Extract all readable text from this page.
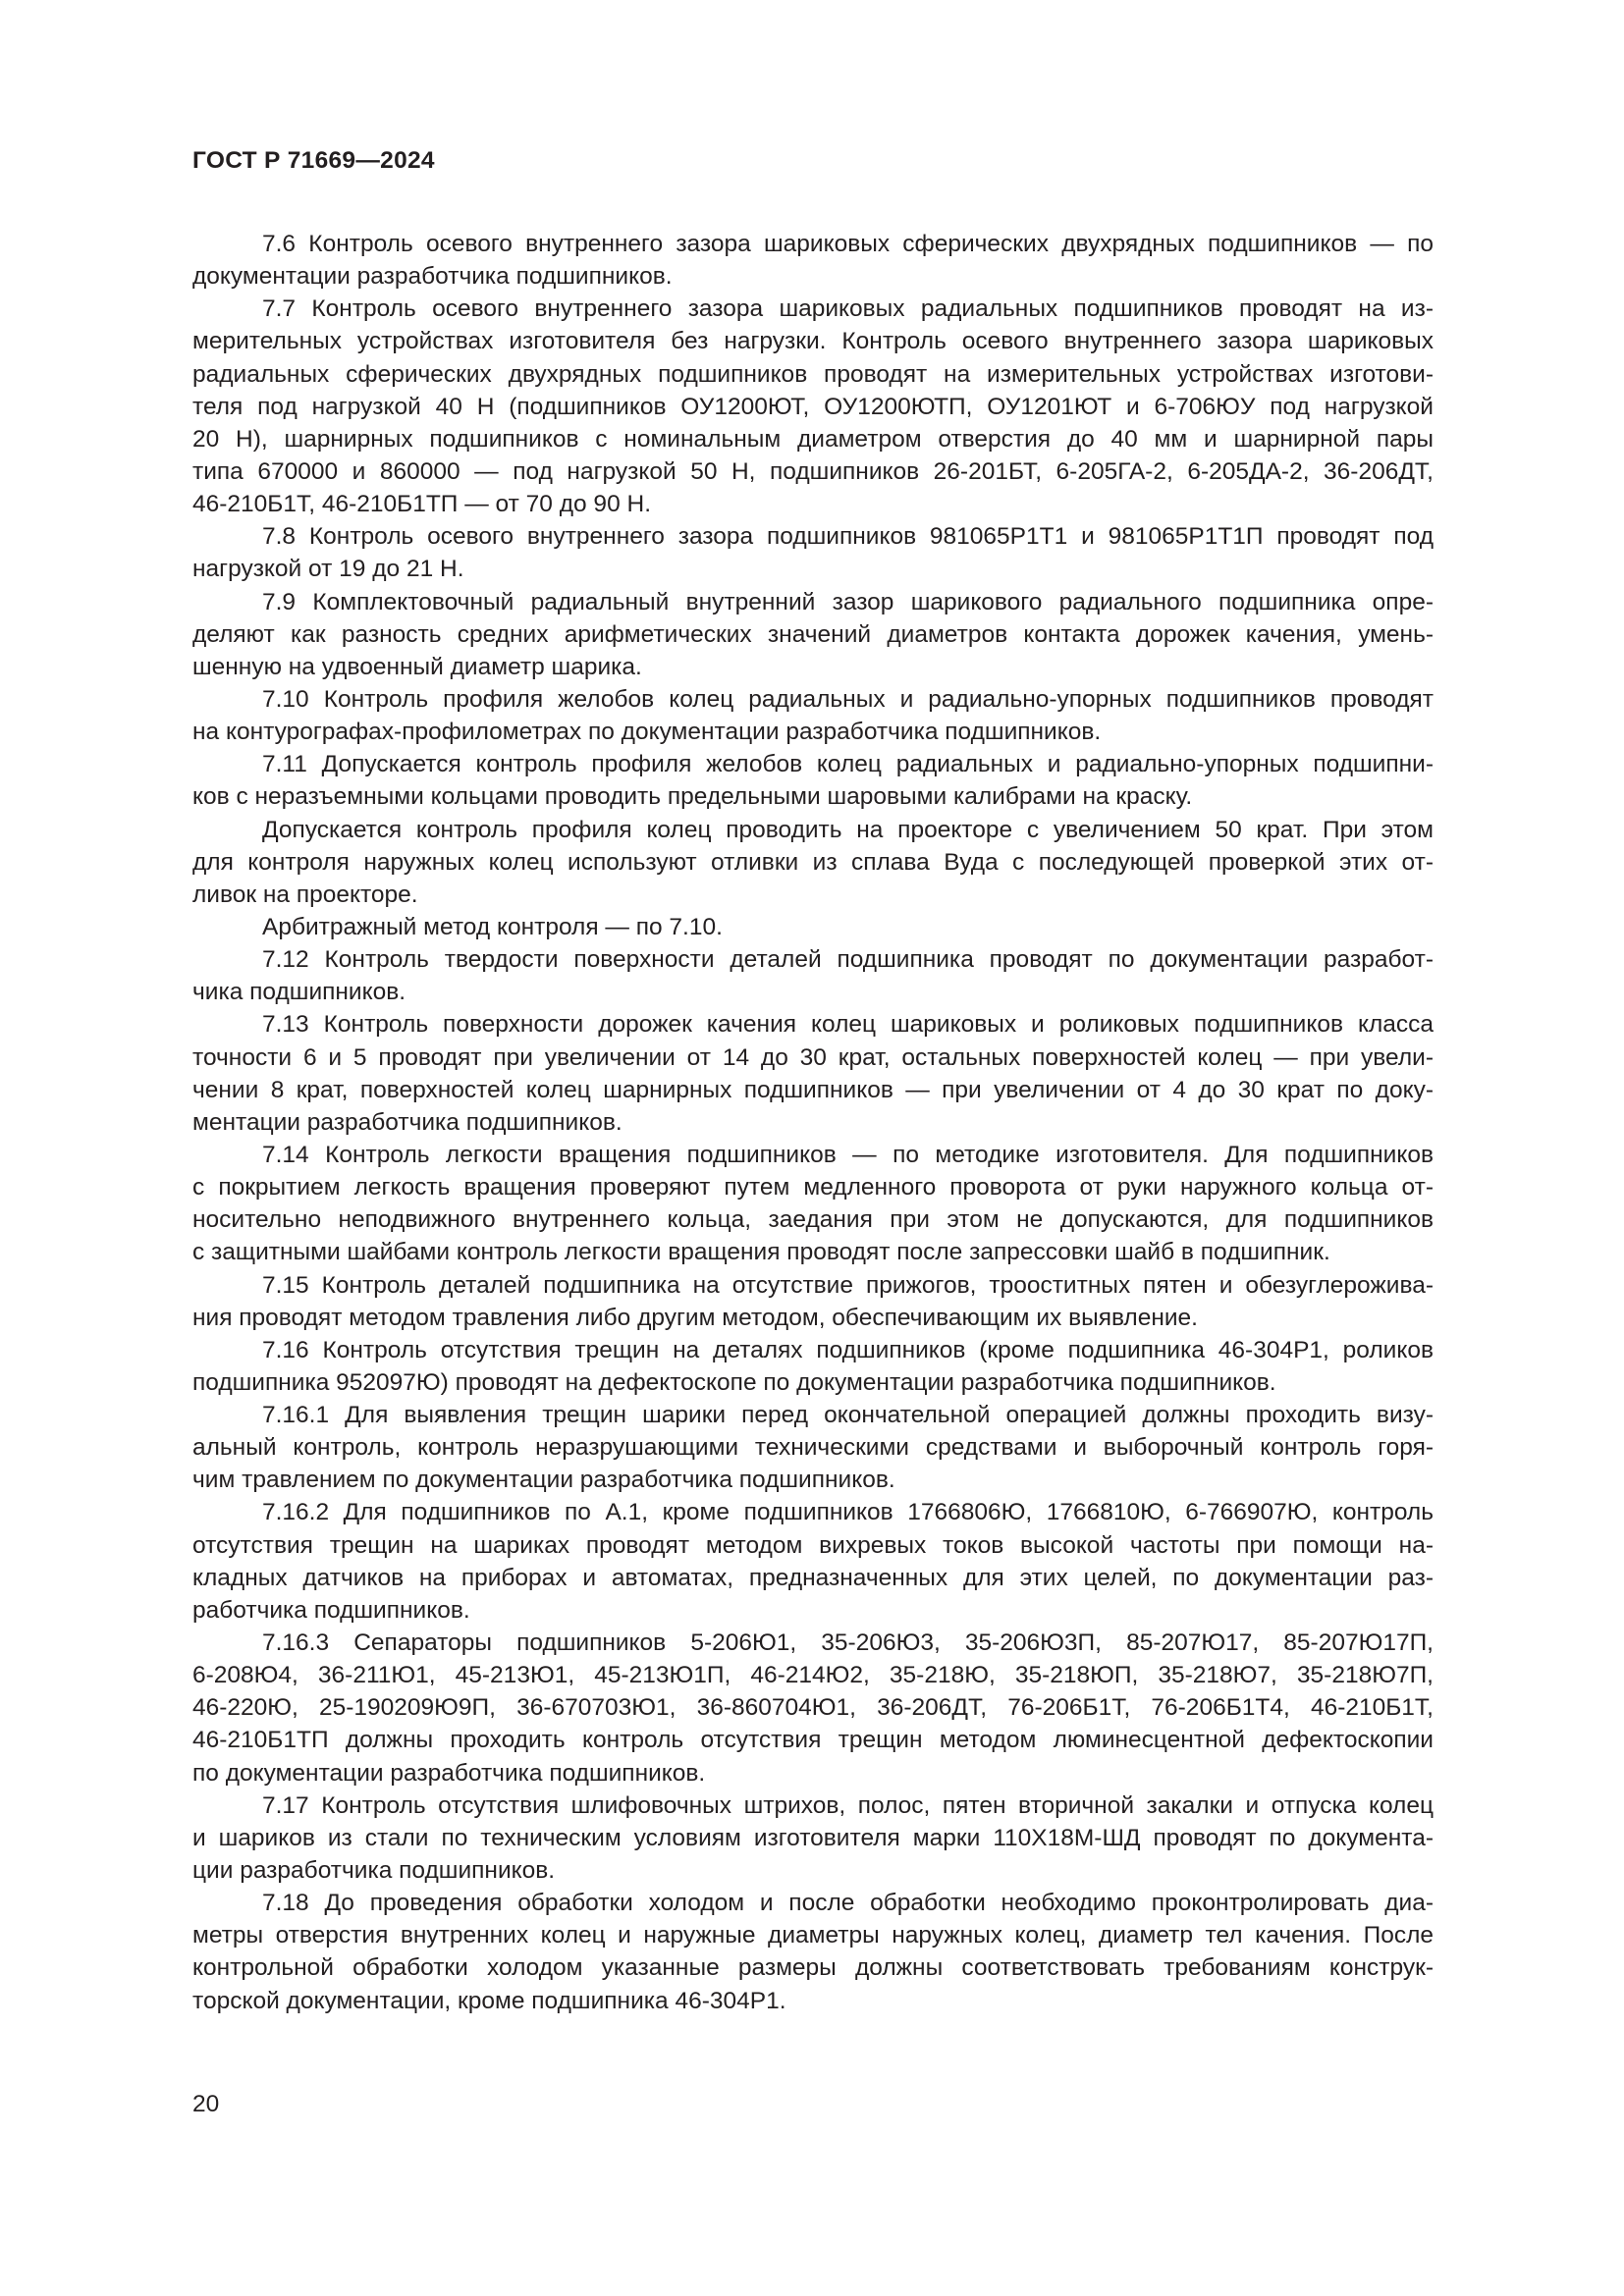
ГОСТ Р 71669—2024
7.6 Контроль осевого внутреннего зазора шариковых сферических двухрядных подшипников — по
документации разработчика подшипников.
7.7 Контроль осевого внутреннего зазора шариковых радиальных подшипников проводят на из-
мерительных устройствах изготовителя без нагрузки. Контроль осевого внутреннего зазора шариковых
радиальных сферических двухрядных подшипников проводят на измерительных устройствах изготови-
теля под нагрузкой 40 Н (подшипников ОУ1200ЮТ, ОУ1200ЮТП, ОУ1201ЮТ и 6-706ЮУ под нагрузкой
20 Н), шарнирных подшипников с номинальным диаметром отверстия до 40 мм и шарнирной пары
типа 670000 и 860000 — под нагрузкой 50 Н, подшипников 26-201БТ, 6-205ГА-2, 6-205ДА-2, 36-206ДТ,
46-210Б1Т, 46-210Б1ТП — от 70 до 90 Н.
7.8 Контроль осевого внутреннего зазора подшипников 981065Р1Т1 и 981065Р1Т1П проводят под
нагрузкой от 19 до 21 Н.
7.9 Комплектовочный радиальный внутренний зазор шарикового радиального подшипника опре-
деляют как разность средних арифметических значений диаметров контакта дорожек качения, умень-
шенную на удвоенный диаметр шарика.
7.10 Контроль профиля желобов колец радиальных и радиально-упорных подшипников проводят
на контурографах-профилометрах по документации разработчика подшипников.
7.11 Допускается контроль профиля желобов колец радиальных и радиально-упорных подшипни-
ков с неразъемными кольцами проводить предельными шаровыми калибрами на краску.
Допускается контроль профиля колец проводить на проекторе с увеличением 50 крат. При этом
для контроля наружных колец используют отливки из сплава Вуда с последующей проверкой этих от-
ливок на проекторе.
Арбитражный метод контроля — по 7.10.
7.12 Контроль твердости поверхности деталей подшипника проводят по документации разработ-
чика подшипников.
7.13 Контроль поверхности дорожек качения колец шариковых и роликовых подшипников класса
точности 6 и 5 проводят при увеличении от 14 до 30 крат, остальных поверхностей колец — при увели-
чении 8 крат, поверхностей колец шарнирных подшипников — при увеличении от 4 до 30 крат по доку-
ментации разработчика подшипников.
7.14 Контроль легкости вращения подшипников — по методике изготовителя. Для подшипников
с покрытием легкость вращения проверяют путем медленного проворота от руки наружного кольца от-
носительно неподвижного внутреннего кольца, заедания при этом не допускаются, для подшипников
с защитными шайбами контроль легкости вращения проводят после запрессовки шайб в подшипник.
7.15 Контроль деталей подшипника на отсутствие прижогов, трооститных пятен и обезуглерожива-
ния проводят методом травления либо другим методом, обеспечивающим их выявление.
7.16 Контроль отсутствия трещин на деталях подшипников (кроме подшипника 46-304Р1, роликов
подшипника 952097Ю) проводят на дефектоскопе по документации разработчика подшипников.
7.16.1 Для выявления трещин шарики перед окончательной операцией должны проходить визу-
альный контроль, контроль неразрушающими техническими средствами и выборочный контроль горя-
чим травлением по документации разработчика подшипников.
7.16.2 Для подшипников по А.1, кроме подшипников 1766806Ю, 1766810Ю, 6-766907Ю, контроль
отсутствия трещин на шариках проводят методом вихревых токов высокой частоты при помощи на-
кладных датчиков на приборах и автоматах, предназначенных для этих целей, по документации раз-
работчика подшипников.
7.16.3 Сепараторы подшипников 5-206Ю1, 35-206Ю3, 35-206Ю3П, 85-207Ю17, 85-207Ю17П,
6-208Ю4, 36-211Ю1, 45-213Ю1, 45-213Ю1П, 46-214Ю2, 35-218Ю, 35-218ЮП, 35-218Ю7, 35-218Ю7П,
46-220Ю, 25-190209Ю9П, 36-670703Ю1, 36-860704Ю1, 36-206ДТ, 76-206Б1Т, 76-206Б1Т4, 46-210Б1Т,
46-210Б1ТП должны проходить контроль отсутствия трещин методом люминесцентной дефектоскопии
по документации разработчика подшипников.
7.17 Контроль отсутствия шлифовочных штрихов, полос, пятен вторичной закалки и отпуска колец
и шариков из стали по техническим условиям изготовителя марки 110Х18М-ШД проводят по документа-
ции разработчика подшипников.
7.18 До проведения обработки холодом и после обработки необходимо проконтролировать диа-
метры отверстия внутренних колец и наружные диаметры наружных колец, диаметр тел качения. После
контрольной обработки холодом указанные размеры должны соответствовать требованиям конструк-
торской документации, кроме подшипника 46-304Р1.
20
